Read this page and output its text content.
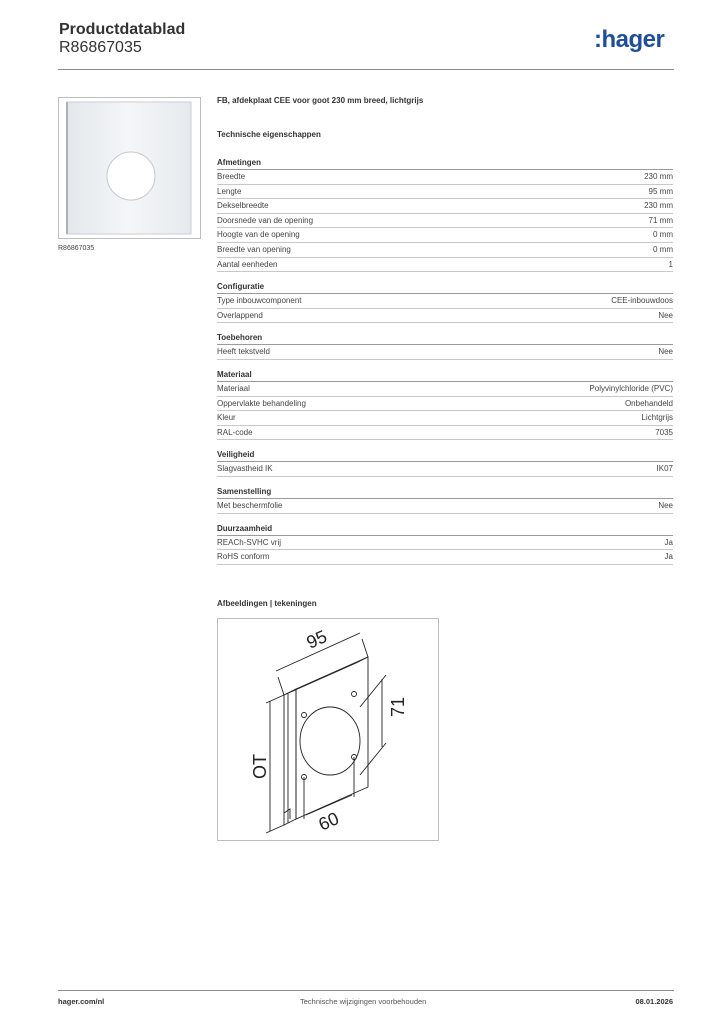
Productdatablad
R86867035	:hager
R86867035
FB, afdekplaat CEE voor goot 230 mm breed, lichtgrijs
Technische eigenschappen
Afmetingen
Breedte	230 mm
Lengte	95 mm
Dekselbreedte	230 mm
Doorsnede van de opening	71 mm
Hoogte van de opening	0 mm
Breedte van opening	0 mm
Aantal eenheden	1
Configuratie
Type inbouwcomponent	CEE-inbouwdoos
Overlappend	Nee
Toebehoren
Heeft tekstveld	Nee
Materiaal
Materiaal	Polyvinylchloride (PVC)
Oppervlakte behandeling	Onbehandeld
Kleur	Lichtgrijs
RAL-code	7035
Veiligheid
Slagvastheid IK	IK07
Samenstelling
Met beschermfolie	Nee
Duurzaamheid
REACh-SVHC vrij	Ja
RoHS conform	Ja
Afbeeldingen | tekeningen
95
71
OT
60
hager.com/nl	Technische wijzigingen voorbehouden	08.01.2026
